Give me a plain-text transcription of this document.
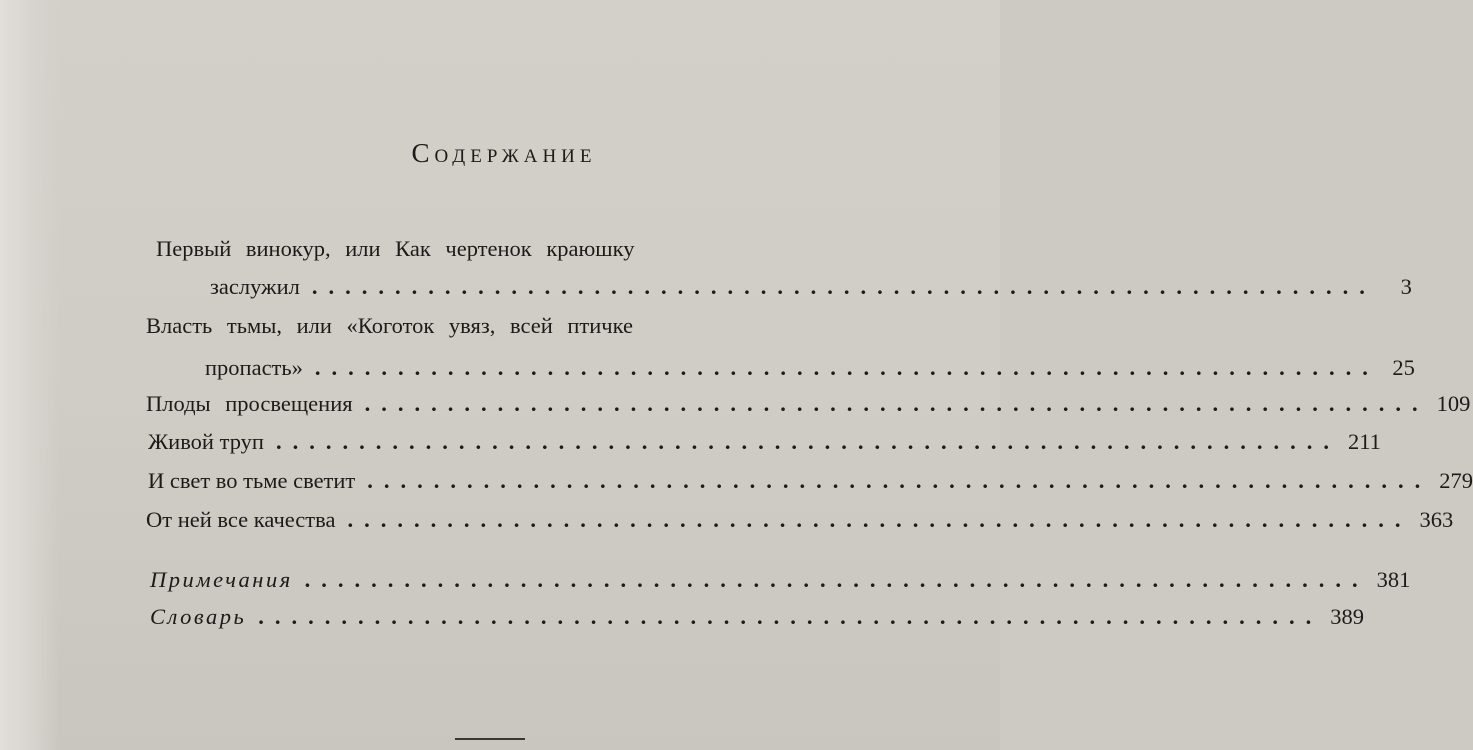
Содержание
Первый винокур, или Как чертенок краюшку
заслужил ................................................................	3
Власть тьмы, или «Коготок увяз, всей птичке
пропасть» ................................................................ 25
Плоды просвещения ................................................................ 109
Живой труп ................................................................ 211
И свет во тьме светит ................................................................ 279
От ней все качества ................................................................ 363
Примечания ................................................................ 381
Словарь ................................................................ 389
